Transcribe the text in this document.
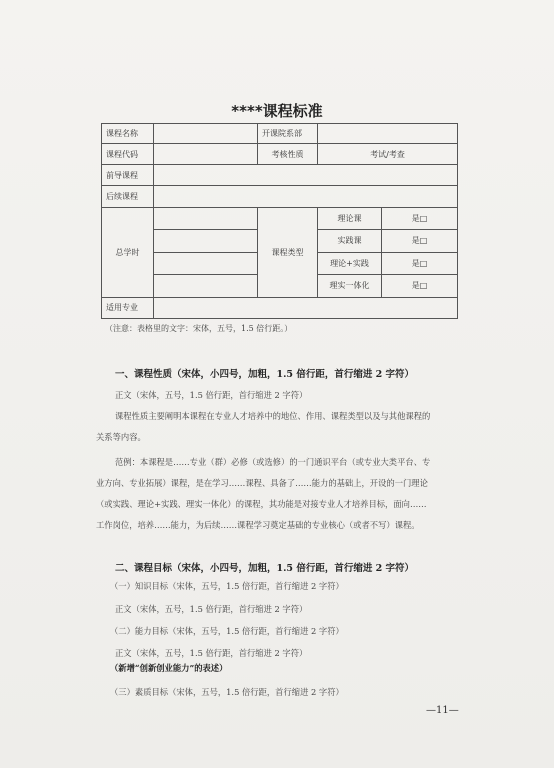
****课程标准
课程名称		开课院系部		
课程代码		考核性质	考试/考查	
前导课程				
后续课程				
总学时		课程类型	理论课	是□
			实践课	是□
			理论+实践	是□
			理实一体化	是□
适用专业				
（注意：表格里的文字：宋体，五号，1.5 倍行距。）
一、课程性质（宋体，小四号，加粗，1.5 倍行距，首行缩进 2 字符）
正文（宋体，五号，1.5 倍行距，首行缩进 2 字符）
课程性质主要阐明本课程在专业人才培养中的地位、作用、课程类型以及与其他课程的
关系等内容。
范例：本课程是……专业（群）必修（或选修）的一门通识平台（或专业大类平台、专
业方向、专业拓展）课程，是在学习……课程、具备了……能力的基础上，开设的一门理论
（或实践、理论+实践、理实一体化）的课程，其功能是对接专业人才培养目标，面向……
工作岗位，培养……能力，为后续……课程学习奠定基础的专业核心（或者不写）课程。
二、课程目标（宋体，小四号，加粗，1.5 倍行距，首行缩进 2 字符）
（一）知识目标（宋体，五号，1.5 倍行距，首行缩进 2 字符）
正文（宋体，五号，1.5 倍行距，首行缩进 2 字符）
（二）能力目标（宋体，五号，1.5 倍行距，首行缩进 2 字符）
正文（宋体，五号，1.5 倍行距，首行缩进 2 字符）
（新增“创新创业能力”的表述）
（三）素质目标（宋体，五号，1.5 倍行距，首行缩进 2 字符）
—11—
